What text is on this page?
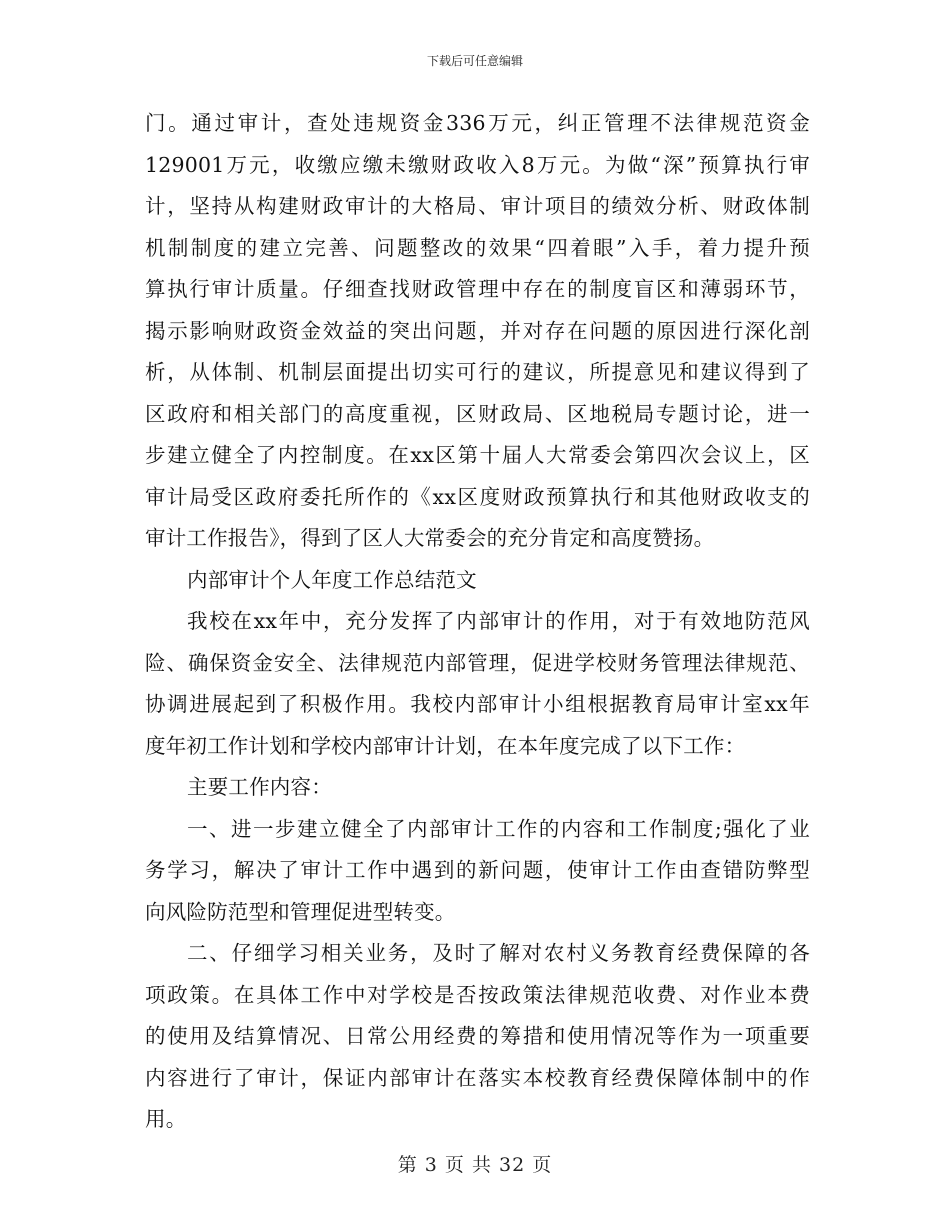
下载后可任意编辑
门。通过审计，查处违规资金336万元，纠正管理不法律规范资金
129001万元，收缴应缴未缴财政收入8万元。为做“深”预算执行审
计，坚持从构建财政审计的大格局、审计项目的绩效分析、财政体制
机制制度的建立完善、问题整改的效果“四着眼”入手，着力提升预
算执行审计质量。仔细查找财政管理中存在的制度盲区和薄弱环节，
揭示影响财政资金效益的突出问题，并对存在问题的原因进行深化剖
析，从体制、机制层面提出切实可行的建议，所提意见和建议得到了
区政府和相关部门的高度重视，区财政局、区地税局专题讨论，进一
步建立健全了内控制度。在xx区第十届人大常委会第四次会议上，区
审计局受区政府委托所作的《xx区度财政预算执行和其他财政收支的
审计工作报告》，得到了区人大常委会的充分肯定和高度赞扬。
内部审计个人年度工作总结范文
我校在xx年中，充分发挥了内部审计的作用，对于有效地防范风
险、确保资金安全、法律规范内部管理，促进学校财务管理法律规范、
协调进展起到了积极作用。我校内部审计小组根据教育局审计室xx年
度年初工作计划和学校内部审计计划，在本年度完成了以下工作：
主要工作内容：
一、进一步建立健全了内部审计工作的内容和工作制度;强化了业
务学习，解决了审计工作中遇到的新问题，使审计工作由查错防弊型
向风险防范型和管理促进型转变。
二、仔细学习相关业务，及时了解对农村义务教育经费保障的各
项政策。在具体工作中对学校是否按政策法律规范收费、对作业本费
的使用及结算情况、日常公用经费的筹措和使用情况等作为一项重要
内容进行了审计，保证内部审计在落实本校教育经费保障体制中的作
用。
第 3 页 共 32 页
